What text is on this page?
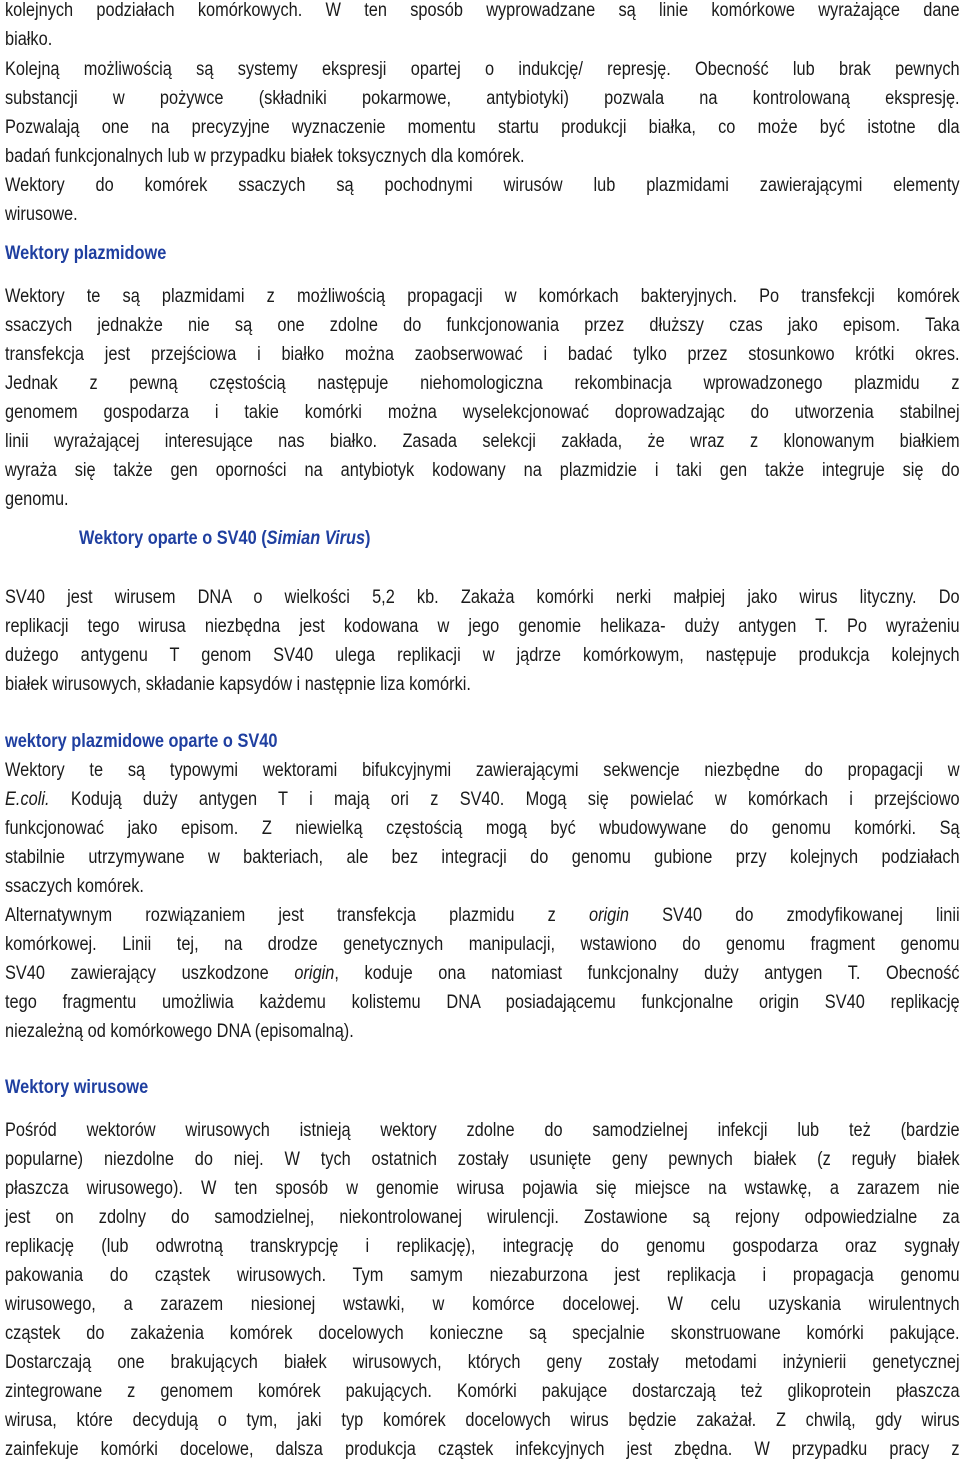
kolejnych podziałach komórkowych. W ten sposób wyprowadzane są linie komórkowe wyrażające dane
białko.
Kolejną możliwością są systemy ekspresji opartej o indukcję/ represję. Obecność lub brak pewnych
substancji w pożywce (składniki pokarmowe, antybiotyki) pozwala na kontrolowaną ekspresję.
Pozwalają one na precyzyjne wyznaczenie momentu startu produkcji białka, co może być istotne dla
badań funkcjonalnych lub w przypadku białek toksycznych dla komórek.
Wektory do komórek ssaczych są pochodnymi wirusów lub plazmidami zawierającymi elementy
wirusowe.
Wektory plazmidowe
Wektory te są plazmidami z możliwością propagacji w komórkach bakteryjnych. Po transfekcji komórek
ssaczych jednakże nie są one zdolne do funkcjonowania przez dłuższy czas jako episom. Taka
transfekcja jest przejściowa i białko można zaobserwować i badać tylko przez stosunkowo krótki okres.
Jednak z pewną częstością następuje niehomologiczna rekombinacja wprowadzonego plazmidu z
genomem gospodarza i takie komórki można wyselekcjonować doprowadzając do utworzenia stabilnej
linii wyrażającej interesujące nas białko. Zasada selekcji zakłada, że wraz z klonowanym białkiem
wyraża się także gen oporności na antybiotyk kodowany na plazmidzie i taki gen także integruje się do
genomu.
Wektory oparte o SV40 (Simian Virus)
SV40 jest wirusem DNA o wielkości 5,2 kb. Zakaża komórki nerki małpiej jako wirus lityczny. Do
replikacji tego wirusa niezbędna jest kodowana w jego genomie helikaza- duży antygen T. Po wyrażeniu
dużego antygenu T genom SV40 ulega replikacji w jądrze komórkowym, następuje produkcja kolejnych
białek wirusowych, składanie kapsydów i następnie liza komórki.
wektory plazmidowe oparte o SV40
Wektory te są typowymi wektorami bifukcyjnymi zawierającymi sekwencje niezbędne do propagacji w
E.coli. Kodują duży antygen T i mają ori z SV40. Mogą się powielać w komórkach i przejściowo
funkcjonować jako episom. Z niewielką częstością mogą być wbudowywane do genomu komórki. Są
stabilnie utrzymywane w bakteriach, ale bez integracji do genomu gubione przy kolejnych podziałach
ssaczych komórek.
Alternatywnym rozwiązaniem jest transfekcja plazmidu z origin SV40 do zmodyfikowanej linii
komórkowej. Linii tej, na drodze genetycznych manipulacji, wstawiono do genomu fragment genomu
SV40 zawierający uszkodzone origin, koduje ona natomiast funkcjonalny duży antygen T. Obecność
tego fragmentu umożliwia każdemu kolistemu DNA posiadającemu funkcjonalne origin SV40 replikację
niezależną od komórkowego DNA (episomalną).
Wektory wirusowe
Pośród wektorów wirusowych istnieją wektory zdolne do samodzielnej infekcji lub też (bardzie
popularne) niezdolne do niej. W tych ostatnich zostały usunięte geny pewnych białek (z reguły białek
płaszcza wirusowego). W ten sposób w genomie wirusa pojawia się miejsce na wstawkę, a zarazem nie
jest on zdolny do samodzielnej, niekontrolowanej wirulencji. Zostawione są rejony odpowiedzialne za
replikację (lub odwrotną transkrypcję i replikację), integrację do genomu gospodarza oraz sygnały
pakowania do cząstek wirusowych. Tym samym niezaburzona jest replikacja i propagacja genomu
wirusowego, a zarazem niesionej wstawki, w komórce docelowej. W celu uzyskania wirulentnych
cząstek do zakażenia komórek docelowych konieczne są specjalnie skonstruowane komórki pakujące.
Dostarczają one brakujących białek wirusowych, których geny zostały metodami inżynierii genetycznej
zintegrowane z genomem komórek pakujących. Komórki pakujące dostarczają też glikoprotein płaszcza
wirusa, które decydują o tym, jaki typ komórek docelowych wirus będzie zakażał. Z chwilą, gdy wirus
zainfekuje komórki docelowe, dalsza produkcja cząstek infekcyjnych jest zbędna. W przypadku pracy z
